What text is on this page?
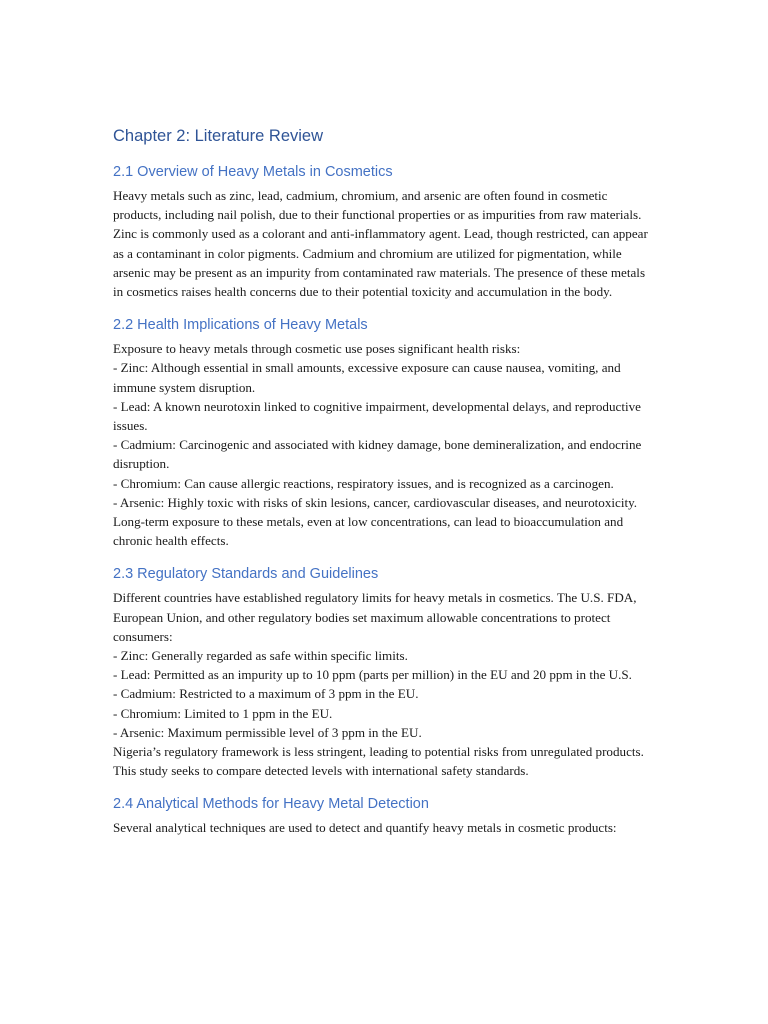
Chapter 2: Literature Review
2.1 Overview of Heavy Metals in Cosmetics

Heavy metals such as zinc, lead, cadmium, chromium, and arsenic are often found in cosmetic products, including nail polish, due to their functional properties or as impurities from raw materials. Zinc is commonly used as a colorant and anti-inflammatory agent. Lead, though restricted, can appear as a contaminant in color pigments. Cadmium and chromium are utilized for pigmentation, while arsenic may be present as an impurity from contaminated raw materials. The presence of these metals in cosmetics raises health concerns due to their potential toxicity and accumulation in the body.

2.2 Health Implications of Heavy Metals

Exposure to heavy metals through cosmetic use poses significant health risks:

- Zinc: Although essential in small amounts, excessive exposure can cause nausea, vomiting, and immune system disruption.

- Lead: A known neurotoxin linked to cognitive impairment, developmental delays, and reproductive issues.

- Cadmium: Carcinogenic and associated with kidney damage, bone demineralization, and endocrine disruption.

- Chromium: Can cause allergic reactions, respiratory issues, and is recognized as a carcinogen.

- Arsenic: Highly toxic with risks of skin lesions, cancer, cardiovascular diseases, and neurotoxicity.

Long-term exposure to these metals, even at low concentrations, can lead to bioaccumulation and chronic health effects.

2.3 Regulatory Standards and Guidelines

Different countries have established regulatory limits for heavy metals in cosmetics. The U.S. FDA, European Union, and other regulatory bodies set maximum allowable concentrations to protect consumers:

- Zinc: Generally regarded as safe within specific limits.

- Lead: Permitted as an impurity up to 10 ppm (parts per million) in the EU and 20 ppm in the U.S.

- Cadmium: Restricted to a maximum of 3 ppm in the EU.

- Chromium: Limited to 1 ppm in the EU.

- Arsenic: Maximum permissible level of 3 ppm in the EU.

Nigeria’s regulatory framework is less stringent, leading to potential risks from unregulated products. This study seeks to compare detected levels with international safety standards.

2.4 Analytical Methods for Heavy Metal Detection

Several analytical techniques are used to detect and quantify heavy metals in cosmetic products:
